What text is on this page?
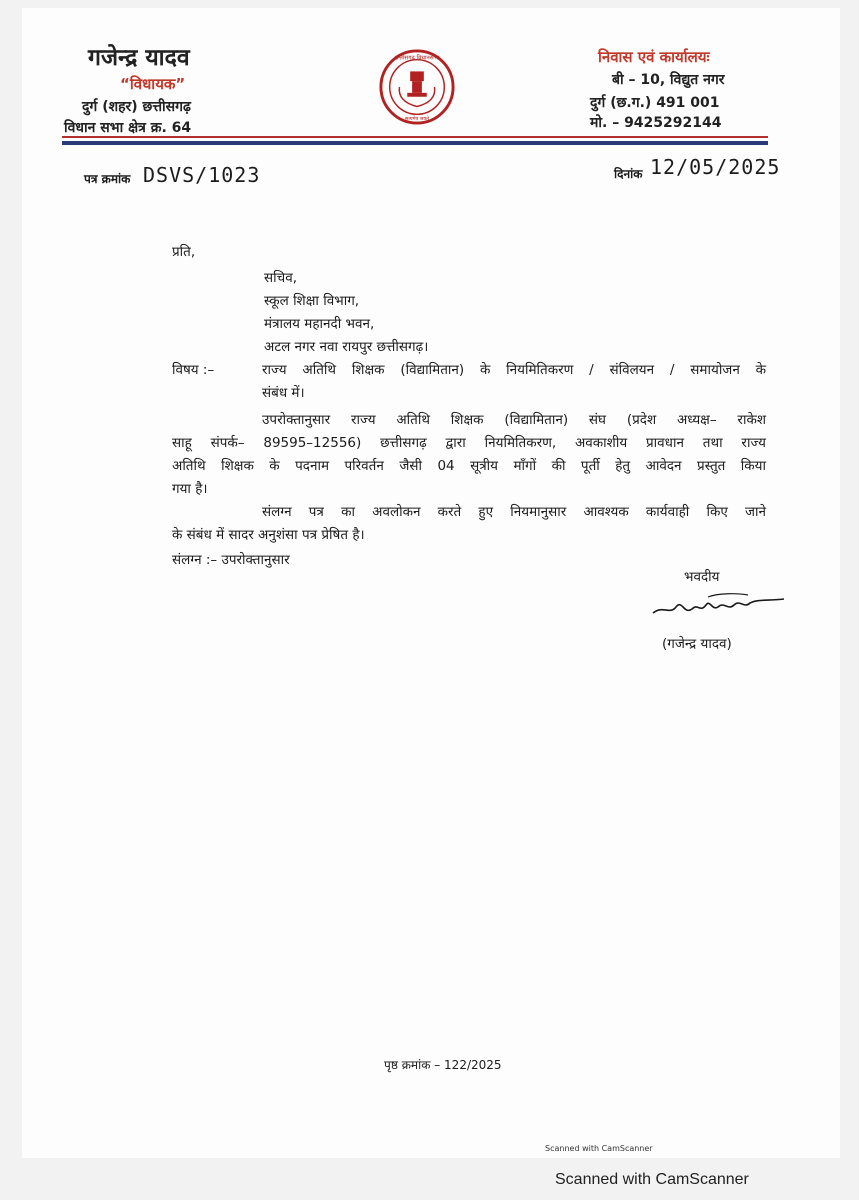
गजेन्द्र यादव
“विधायक”
दुर्ग (शहर) छत्तीसगढ़
विधान सभा क्षेत्र क्र. 64
छत्तीसगढ़ विधानसभा
सत्यमेव जयते
निवास एवं कार्यालयः
बी – 10, विद्युत नगर
दुर्ग (छ.ग.) 491 001
मो. – 9425292144
पत्र क्रमांक DSVS/1023	दिनांक 12/05/2025
प्रति,
सचिव,
स्कूल शिक्षा विभाग,
मंत्रालय महानदी भवन,
अटल नगर नवा रायपुर छत्तीसगढ़।
विषय :–	राज्य अतिथि शिक्षक (विद्यामितान) के नियमितिकरण / संविलयन / समायोजन के
संबंध में।
उपरोक्तानुसार राज्य अतिथि शिक्षक (विद्यामितान) संघ (प्रदेश अध्यक्ष– राकेश
साहू संपर्क– 89595–12556) छत्तीसगढ़ द्वारा नियमितिकरण, अवकाशीय प्रावधान तथा राज्य
अतिथि शिक्षक के पदनाम परिवर्तन जैसी 04 सूत्रीय माँगों की पूर्ती हेतु आवेदन प्रस्तुत किया
गया है।
संलग्न पत्र का अवलोकन करते हुए नियमानुसार आवश्यक कार्यवाही किए जाने
के संबंध में सादर अनुशंसा पत्र प्रेषित है।
संलग्न :– उपरोक्तानुसार
भवदीय
(गजेन्द्र यादव)
पृष्ठ क्रमांक – 122/2025
Scanned with CamScanner
Scanned with CamScanner
